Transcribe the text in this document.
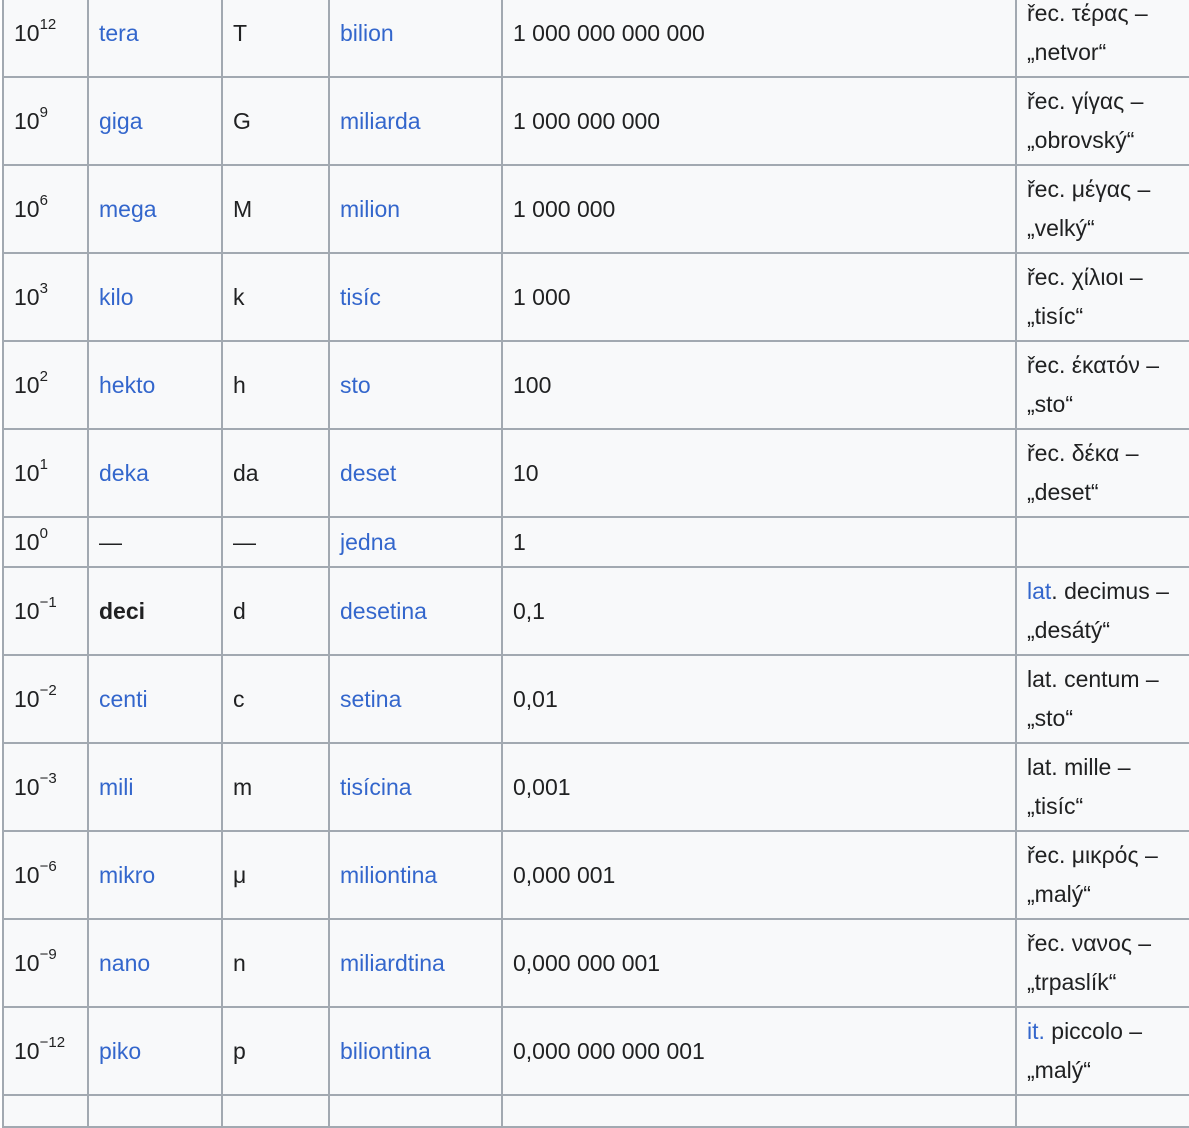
$10^{12}$	tera	T	bilion	1 000 000 000 000	řec. τέρας – „netvor“
$10^9$	giga	G	miliarda	1 000 000 000	řec. γίγας – „obrovský“
$10^6$	mega	M	milion	1 000 000	řec. μέγας – „velký“
$10^3$	kilo	k	tisíc	1 000	řec. χίλιοι – „tisíc“
$10^2$	hekto	h	sto	100	řec. έκατόν – „sto“
$10^1$	deka	da	deset	10	řec. δέκα – „deset“
$10^0$	—	—	jedna	1	
$10^{-1}$	deci	d	desetina	0,1	lat. decimus – „desátý“
$10^{-2}$	centi	c	setina	0,01	lat. centum – „sto“
$10^{-3}$	mili	m	tisícina	0,001	lat. mille – „tisíc“
$10^{-6}$	mikro	μ	miliontina	0,000 001	řec. μικρός – „malý“
$10^{-9}$	nano	n	miliardtina	0,000 000 001	řec. νανος – „trpaslík“
$10^{-12}$	piko	p	biliontina	0,000 000 000 001	it. piccolo – „malý“
